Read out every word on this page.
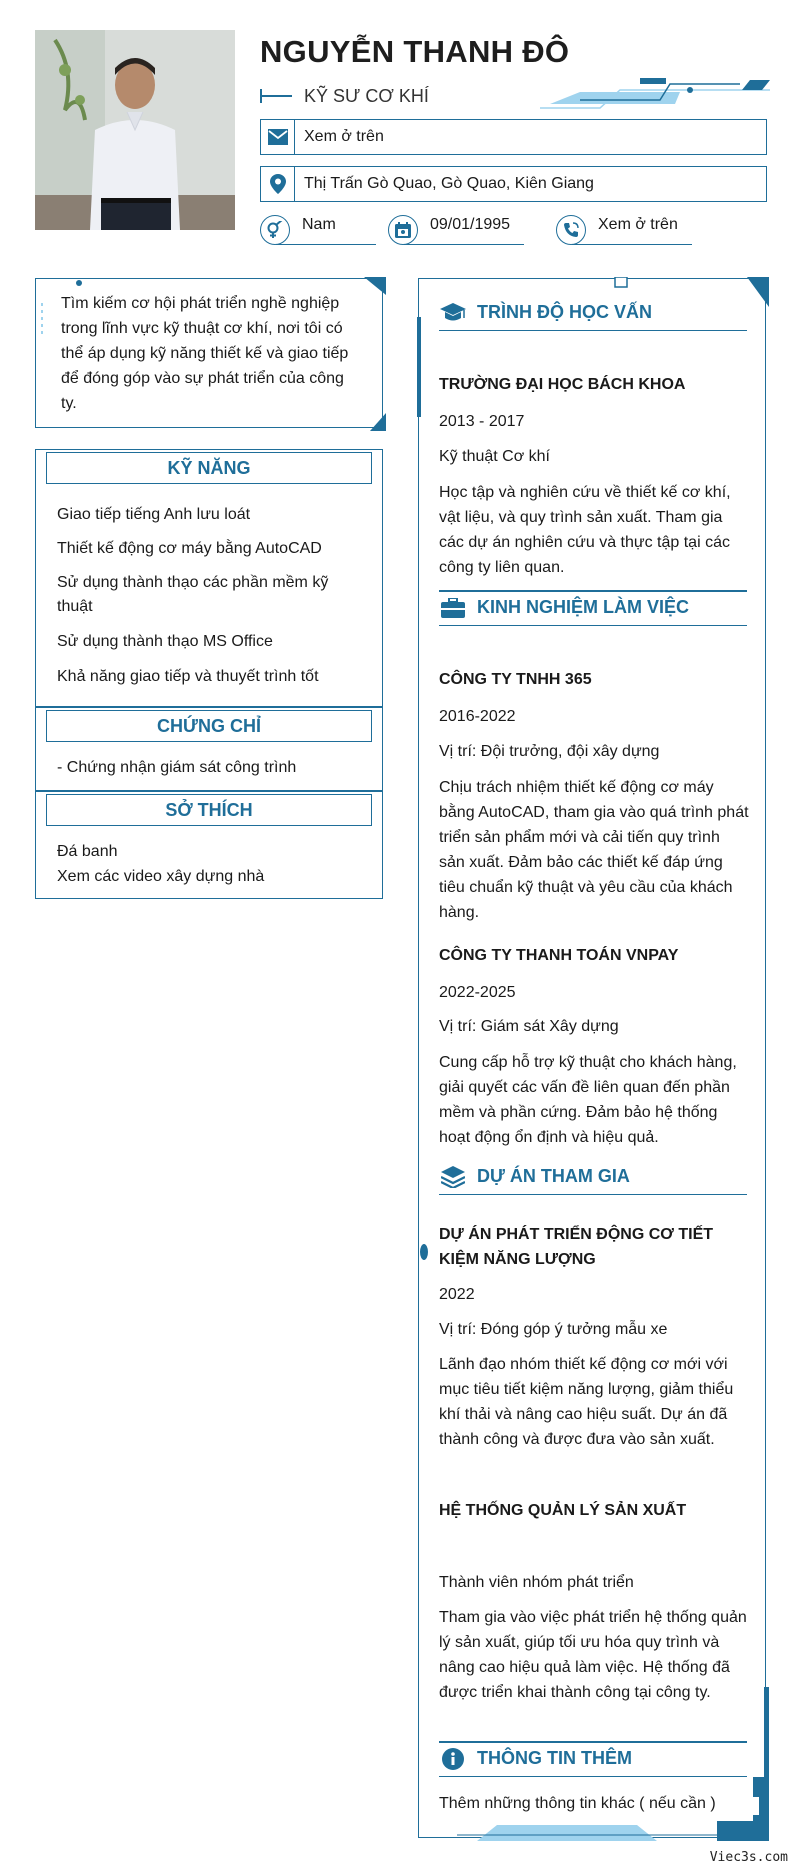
NGUYỄN THANH ĐÔ
KỸ SƯ CƠ KHÍ
Xem ở trên
Thị Trấn Gò Quao, Gò Quao, Kiên Giang
Nam	09/01/1995	Xem ở trên
Tìm kiếm cơ hội phát triển nghề nghiệp trong lĩnh vực kỹ thuật cơ khí, nơi tôi có thể áp dụng kỹ năng thiết kế và giao tiếp để đóng góp vào sự phát triển của công ty.
KỸ NĂNG
Giao tiếp tiếng Anh lưu loát
Thiết kế động cơ máy bằng AutoCAD
Sử dụng thành thạo các phần mềm kỹ thuật
Sử dụng thành thạo MS Office
Khả năng giao tiếp và thuyết trình tốt
CHỨNG CHỈ
- Chứng nhận giám sát công trình
SỞ THÍCH
Đá banh
Xem các video xây dựng nhà
TRÌNH ĐỘ HỌC VẤN
TRƯỜNG ĐẠI HỌC BÁCH KHOA
2013 - 2017
Kỹ thuật Cơ khí
Học tập và nghiên cứu về thiết kế cơ khí, vật liệu, và quy trình sản xuất. Tham gia các dự án nghiên cứu và thực tập tại các công ty liên quan.
KINH NGHIỆM LÀM VIỆC
CÔNG TY TNHH 365
2016-2022
Vị trí: Đội trưởng, đội xây dựng
Chịu trách nhiệm thiết kế động cơ máy bằng AutoCAD, tham gia vào quá trình phát triển sản phẩm mới và cải tiến quy trình sản xuất. Đảm bảo các thiết kế đáp ứng tiêu chuẩn kỹ thuật và yêu cầu của khách hàng.
CÔNG TY THANH TOÁN VNPAY
2022-2025
Vị trí: Giám sát Xây dựng
Cung cấp hỗ trợ kỹ thuật cho khách hàng, giải quyết các vấn đề liên quan đến phần mềm và phần cứng. Đảm bảo hệ thống hoạt động ổn định và hiệu quả.
DỰ ÁN THAM GIA
DỰ ÁN PHÁT TRIỂN ĐỘNG CƠ TIẾT KIỆM NĂNG LƯỢNG
2022
Vị trí: Đóng góp ý tưởng mẫu xe
Lãnh đạo nhóm thiết kế động cơ mới với mục tiêu tiết kiệm năng lượng, giảm thiểu khí thải và nâng cao hiệu suất. Dự án đã thành công và được đưa vào sản xuất.
HỆ THỐNG QUẢN LÝ SẢN XUẤT
Thành viên nhóm phát triển
Tham gia vào việc phát triển hệ thống quản lý sản xuất, giúp tối ưu hóa quy trình và nâng cao hiệu quả làm việc. Hệ thống đã được triển khai thành công tại công ty.
THÔNG TIN THÊM
Thêm những thông tin khác ( nếu cần )
Viec3s.com
